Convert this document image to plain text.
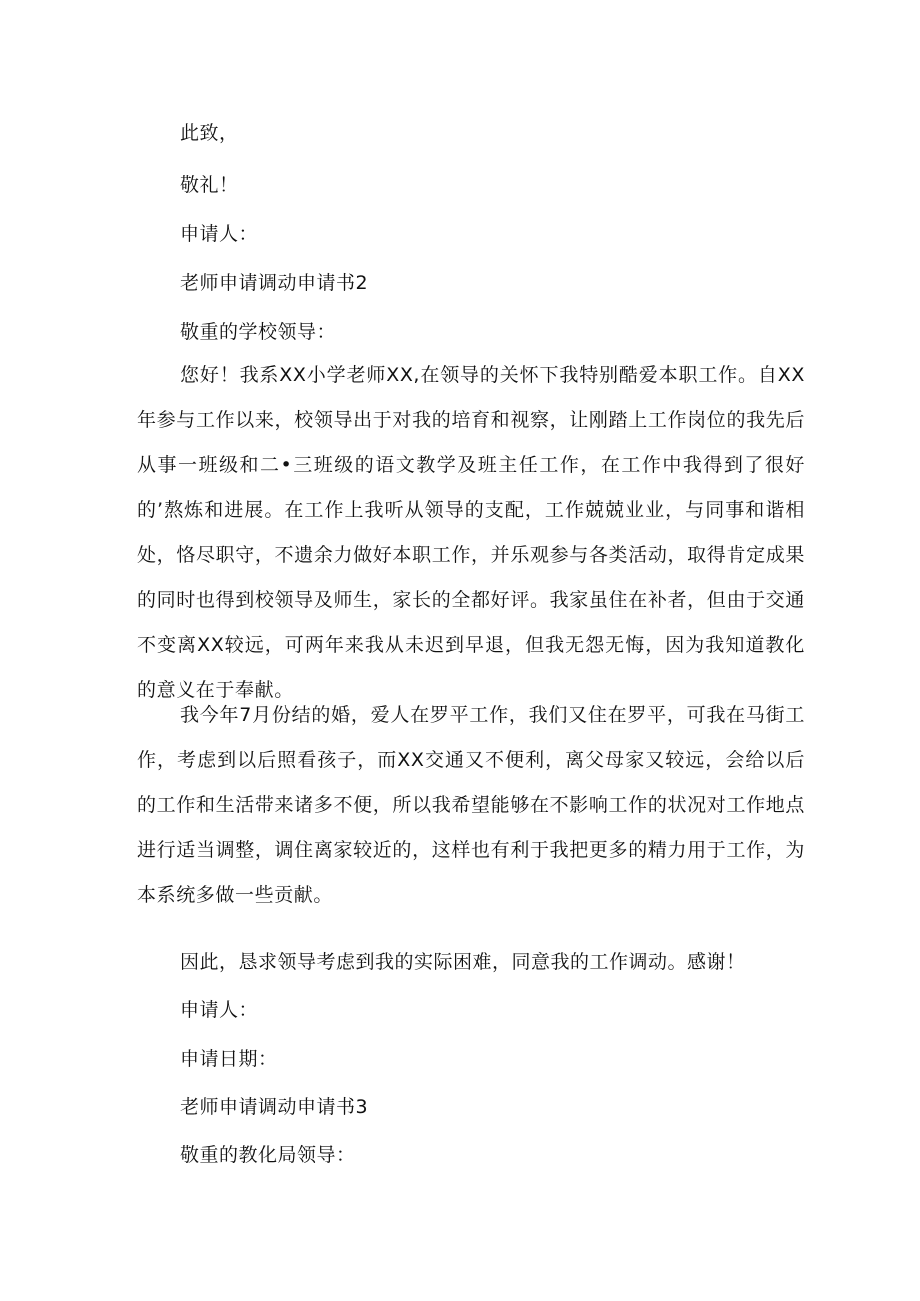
此致，
敬礼！
申请人：
老师申请调动申请书2
敬重的学校领导：
您好！我系XX小学老师XX,在领导的关怀下我特别酷爱本职工作。自XX年参与工作以来，校领导出于对我的培育和视察，让刚踏上工作岗位的我先后从事一班级和二•三班级的语文教学及班主任工作，在工作中我得到了很好的’熬炼和进展。在工作上我听从领导的支配，工作兢兢业业，与同事和谐相处，恪尽职守，不遗余力做好本职工作，并乐观参与各类活动，取得肯定成果的同时也得到校领导及师生，家长的全都好评。我家虽住在补者，但由于交通不变离XX较远，可两年来我从未迟到早退，但我无怨无悔，因为我知道教化的意义在于奉献。
我今年7月份结的婚，爱人在罗平工作，我们又住在罗平，可我在马街工作，考虑到以后照看孩子，而XX交通又不便利，离父母家又较远，会给以后的工作和生活带来诸多不便，所以我希望能够在不影响工作的状况对工作地点进行适当调整，调住离家较近的，这样也有利于我把更多的精力用于工作，为本系统多做一些贡献。
因此，恳求领导考虑到我的实际困难，同意我的工作调动。感谢！
申请人：
申请日期：
老师申请调动申请书3
敬重的教化局领导：
